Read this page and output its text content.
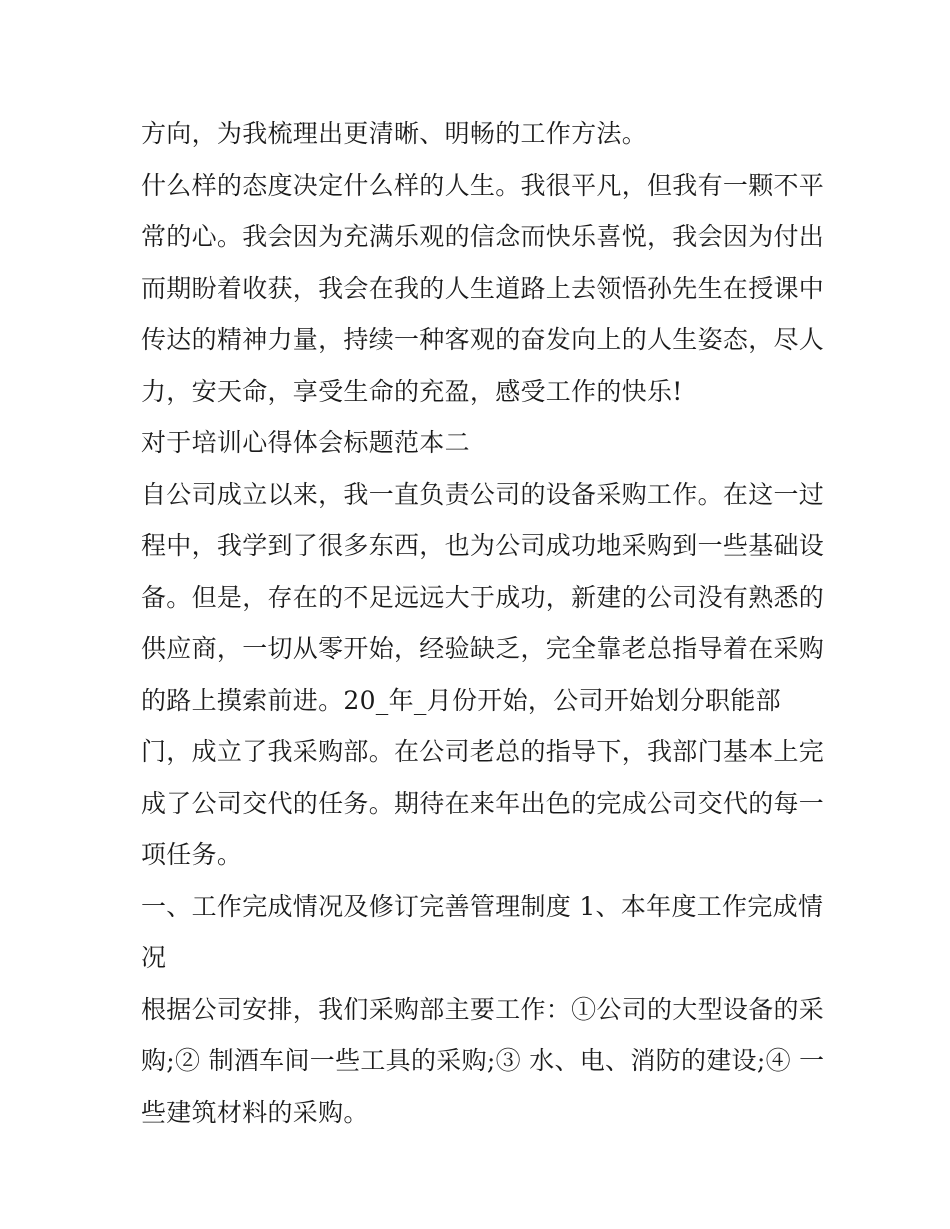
方向，为我梳理出更清晰、明畅的工作方法。
什么样的态度决定什么样的人生。我很平凡，但我有一颗不平
常的心。我会因为充满乐观的信念而快乐喜悦，我会因为付出
而期盼着收获，我会在我的人生道路上去领悟孙先生在授课中
传达的精神力量，持续一种客观的奋发向上的人生姿态，尽人
力，安天命，享受生命的充盈，感受工作的快乐!
对于培训心得体会标题范本二
自公司成立以来，我一直负责公司的设备采购工作。在这一过
程中，我学到了很多东西，也为公司成功地采购到一些基础设
备。但是，存在的不足远远大于成功，新建的公司没有熟悉的
供应商，一切从零开始，经验缺乏，完全靠老总指导着在采购
的路上摸索前进。20_年_月份开始，公司开始划分职能部
门，成立了我采购部。在公司老总的指导下，我部门基本上完
成了公司交代的任务。期待在来年出色的完成公司交代的每一
项任务。
一、工作完成情况及修订完善管理制度 1、本年度工作完成情
况
根据公司安排，我们采购部主要工作：①公司的大型设备的采
购;② 制酒车间一些工具的采购;③ 水、电、消防的建设;④ 一
些建筑材料的采购。
